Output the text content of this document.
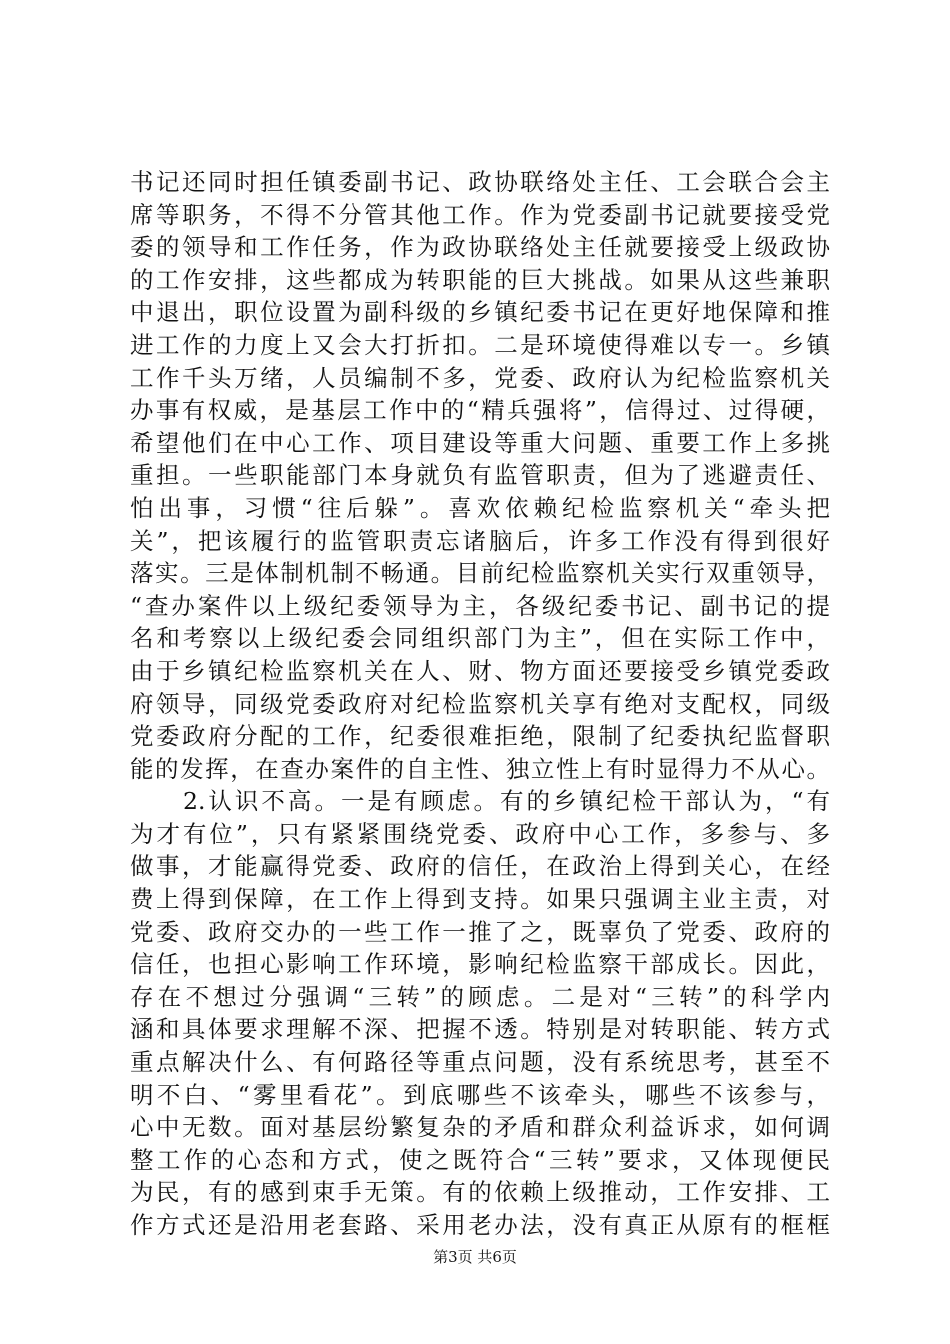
书记还同时担任镇委副书记、政协联络处主任、工会联合会主
席等职务，不得不分管其他工作。作为党委副书记就要接受党
委的领导和工作任务，作为政协联络处主任就要接受上级政协
的工作安排，这些都成为转职能的巨大挑战。如果从这些兼职
中退出，职位设置为副科级的乡镇纪委书记在更好地保障和推
进工作的力度上又会大打折扣。二是环境使得难以专一。乡镇
工作千头万绪，人员编制不多，党委、政府认为纪检监察机关
办事有权威，是基层工作中的“精兵强将”，信得过、过得硬，
希望他们在中心工作、项目建设等重大问题、重要工作上多挑
重担。一些职能部门本身就负有监管职责，但为了逃避责任、
怕出事，习惯“往后躲”。喜欢依赖纪检监察机关“牵头把
关”，把该履行的监管职责忘诸脑后，许多工作没有得到很好
落实。三是体制机制不畅通。目前纪检监察机关实行双重领导，
“查办案件以上级纪委领导为主，各级纪委书记、副书记的提
名和考察以上级纪委会同组织部门为主”，但在实际工作中，
由于乡镇纪检监察机关在人、财、物方面还要接受乡镇党委政
府领导，同级党委政府对纪检监察机关享有绝对支配权，同级
党委政府分配的工作，纪委很难拒绝，限制了纪委执纪监督职
能的发挥，在查办案件的自主性、独立性上有时显得力不从心。
　　2.认识不高。一是有顾虑。有的乡镇纪检干部认为，“有
为才有位”，只有紧紧围绕党委、政府中心工作，多参与、多
做事，才能赢得党委、政府的信任，在政治上得到关心，在经
费上得到保障，在工作上得到支持。如果只强调主业主责，对
党委、政府交办的一些工作一推了之，既辜负了党委、政府的
信任，也担心影响工作环境，影响纪检监察干部成长。因此，
存在不想过分强调“三转”的顾虑。二是对“三转”的科学内
涵和具体要求理解不深、把握不透。特别是对转职能、转方式
重点解决什么、有何路径等重点问题，没有系统思考，甚至不
明不白、“雾里看花”。到底哪些不该牵头，哪些不该参与，
心中无数。面对基层纷繁复杂的矛盾和群众利益诉求，如何调
整工作的心态和方式，使之既符合“三转”要求，又体现便民
为民，有的感到束手无策。有的依赖上级推动，工作安排、工
作方式还是沿用老套路、采用老办法，没有真正从原有的框框
第3页 共6页
